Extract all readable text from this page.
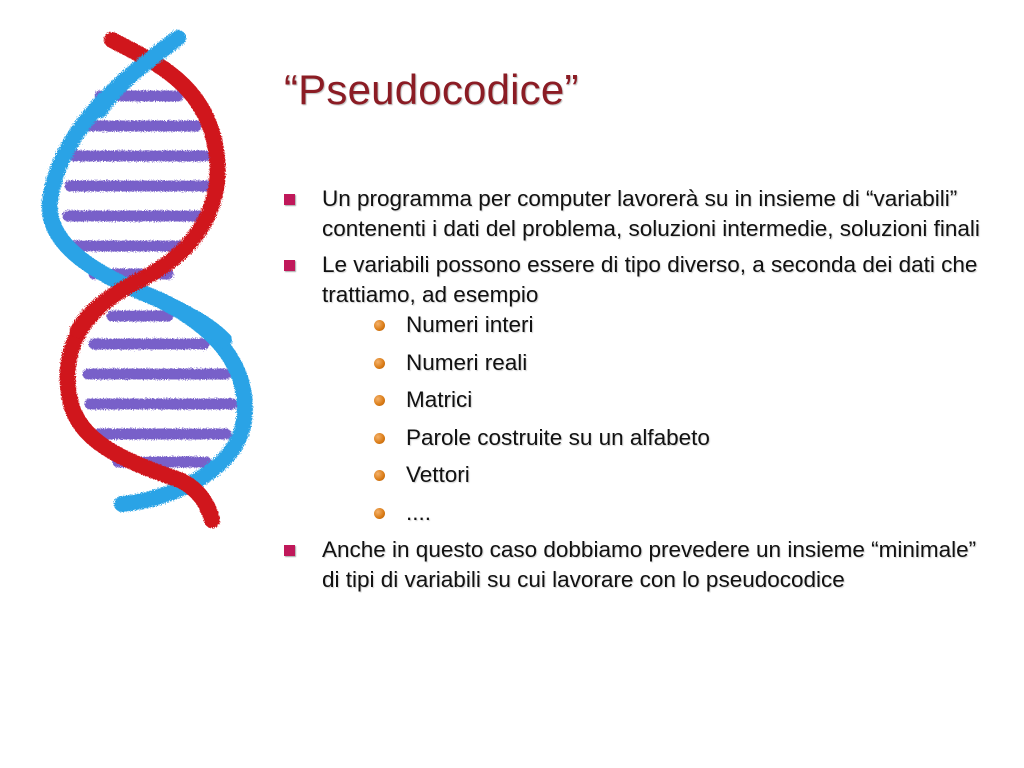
“Pseudocodice”
Un programma per computer lavorerà su in insieme di “variabili” contenenti i dati del problema, soluzioni intermedie, soluzioni finali
Le variabili possono essere di tipo diverso, a seconda dei dati che trattiamo, ad esempio
Numeri interi
Numeri reali
Matrici
Parole costruite su un alfabeto
Vettori
....
Anche in questo caso dobbiamo prevedere un insieme “minimale” di tipi di variabili su cui lavorare con lo pseudocodice
